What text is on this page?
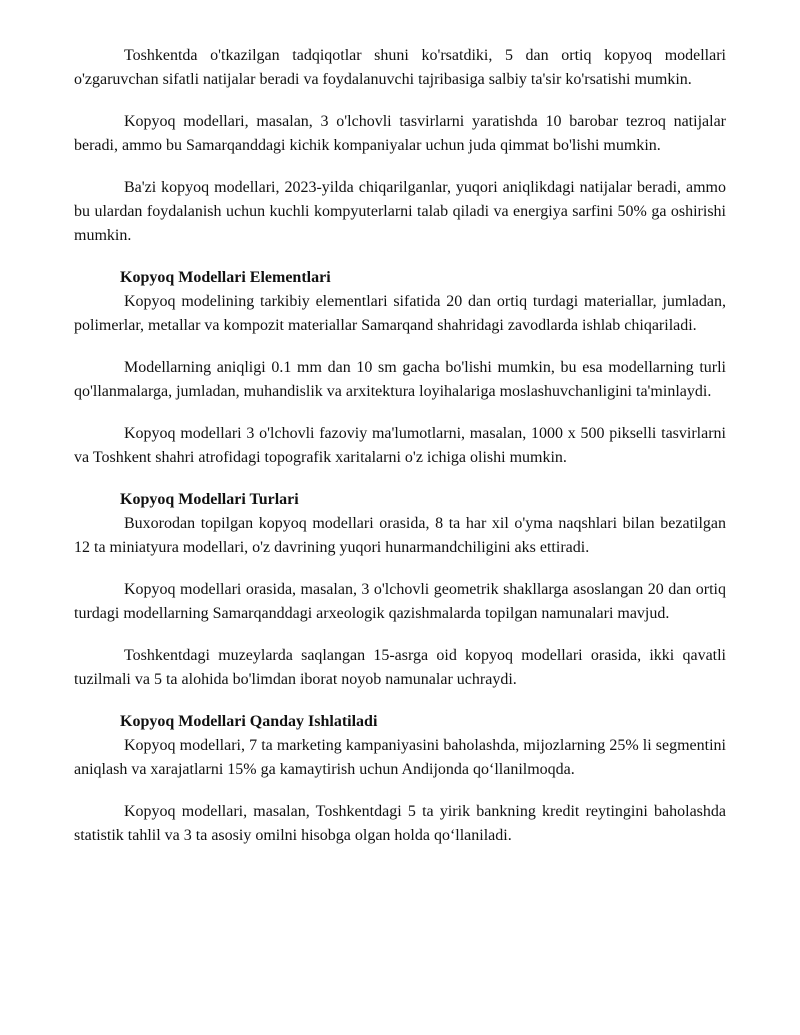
Toshkentda o'tkazilgan tadqiqotlar shuni ko'rsatdiki, 5 dan ortiq kopyoq modellari o'zgaruvchan sifatli natijalar beradi va foydalanuvchi tajribasiga salbiy ta'sir ko'rsatishi mumkin.

Kopyoq modellari, masalan, 3 o'lchovli tasvirlarni yaratishda 10 barobar tezroq natijalar beradi, ammo bu Samarqanddagi kichik kompaniyalar uchun juda qimmat bo'lishi mumkin.

Ba'zi kopyoq modellari, 2023-yilda chiqarilganlar, yuqori aniqlikdagi natijalar beradi, ammo bu ulardan foydalanish uchun kuchli kompyuterlarni talab qiladi va energiya sarfini 50% ga oshirishi mumkin.

Kopyoq Modellari Elementlari

Kopyoq modelining tarkibiy elementlari sifatida 20 dan ortiq turdagi materiallar, jumladan, polimerlar, metallar va kompozit materiallar Samarqand shahridagi zavodlarda ishlab chiqariladi.

Modellarning aniqligi 0.1 mm dan 10 sm gacha bo'lishi mumkin, bu esa modellarning turli qo'llanmalarga, jumladan, muhandislik va arxitektura loyihalariga moslashuvchanligini ta'minlaydi.

Kopyoq modellari 3 o'lchovli fazoviy ma'lumotlarni, masalan, 1000 x 500 pikselli tasvirlarni va Toshkent shahri atrofidagi topografik xaritalarni o'z ichiga olishi mumkin.

Kopyoq Modellari Turlari

Buxorodan topilgan kopyoq modellari orasida, 8 ta har xil o'yma naqshlari bilan bezatilgan 12 ta miniatyura modellari, o'z davrining yuqori hunarmandchiligini aks ettiradi.

Kopyoq modellari orasida, masalan, 3 o'lchovli geometrik shakllarga asoslangan 20 dan ortiq turdagi modellarning Samarqanddagi arxeologik qazishmalarda topilgan namunalari mavjud.

Toshkentdagi muzeylarda saqlangan 15-asrga oid kopyoq modellari orasida, ikki qavatli tuzilmali va 5 ta alohida bo'limdan iborat noyob namunalar uchraydi.

Kopyoq Modellari Qanday Ishlatiladi

Kopyoq modellari, 7 ta marketing kampaniyasini baholashda, mijozlarning 25% li segmentini aniqlash va xarajatlarni 15% ga kamaytirish uchun Andijonda qo‘llanilmoqda.

Kopyoq modellari, masalan, Toshkentdagi 5 ta yirik bankning kredit reytingini baholashda statistik tahlil va 3 ta asosiy omilni hisobga olgan holda qo‘llaniladi.
